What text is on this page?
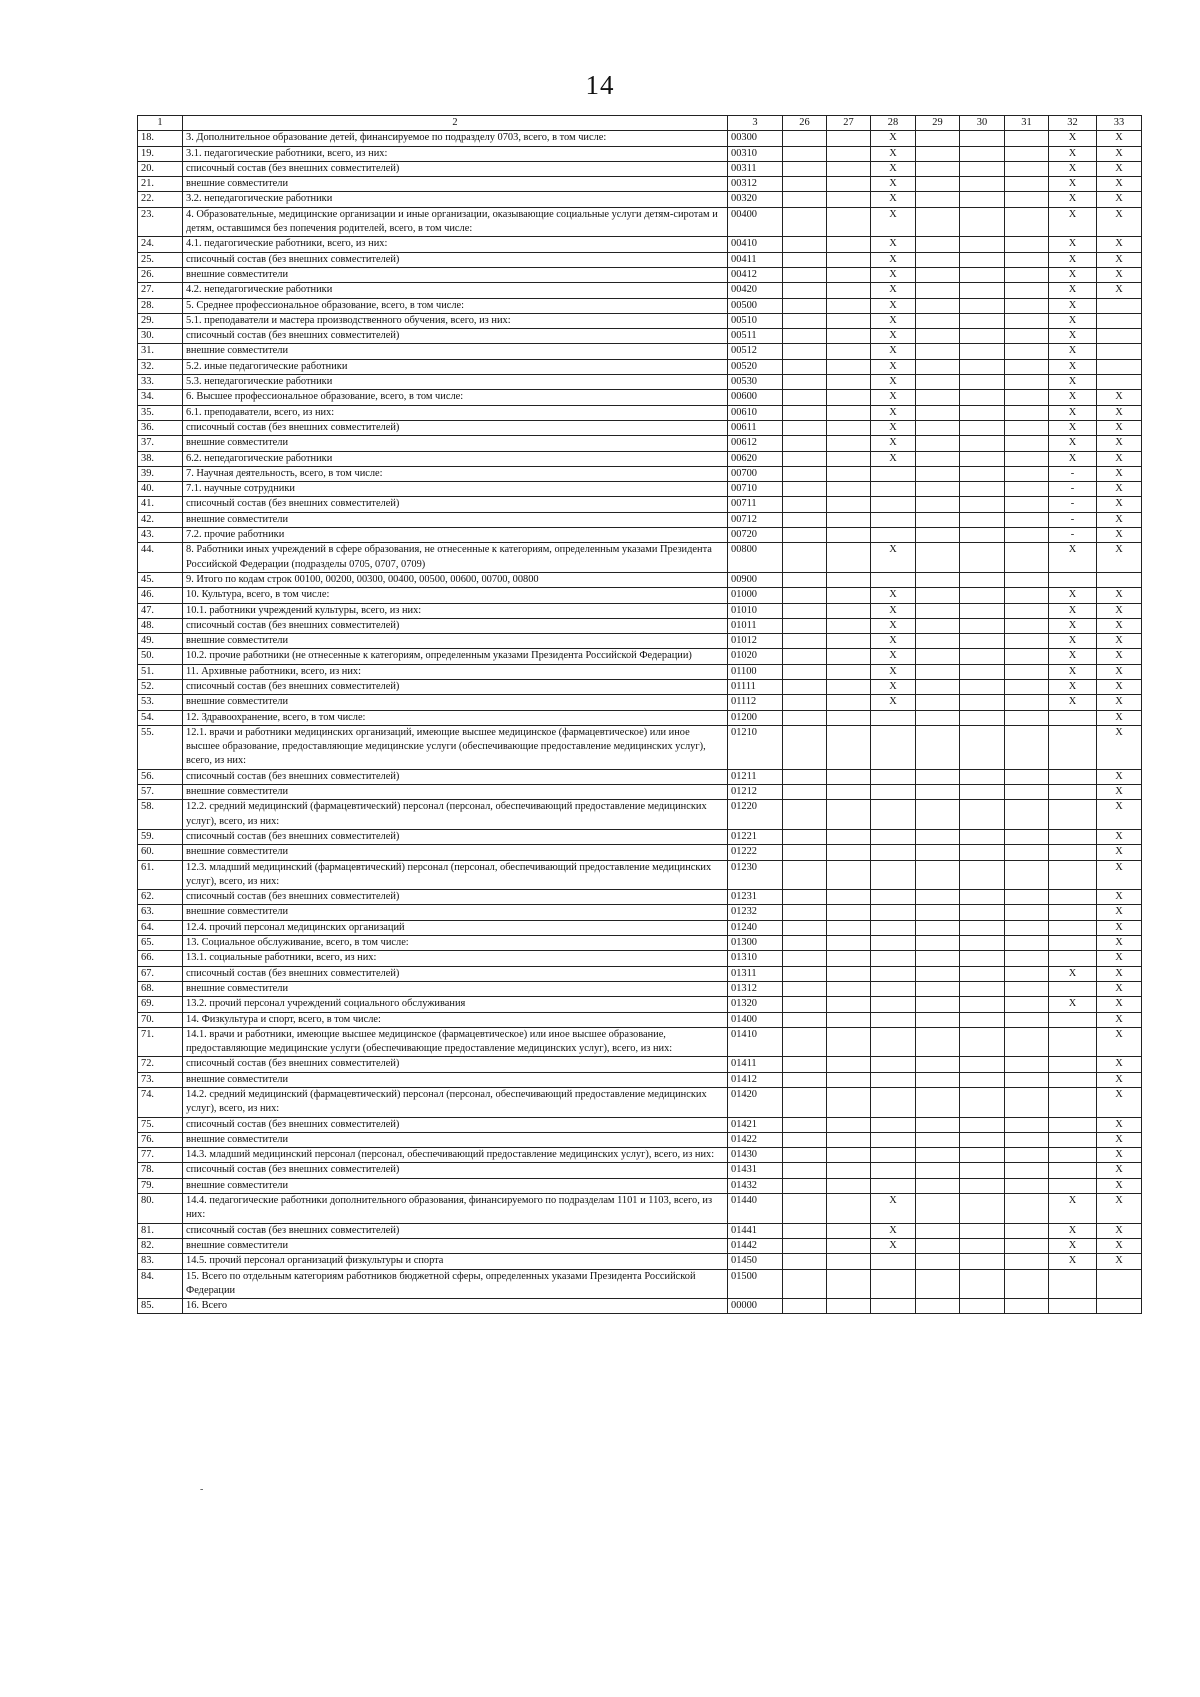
14
1	2	3	26	27	28	29	30	31	32	33
18.	3. Дополнительное образование детей, финансируемое по подразделу 0703, всего, в том числе:	00300			X				X	X
19.	3.1. педагогические работники, всего, из них:	00310			X				X	X
20.	списочный состав (без внешних совместителей)	00311			X				X	X
21.	внешние совместители	00312			X				X	X
22.	3.2. непедагогические работники	00320			X				X	X
23.	4. Образовательные, медицинские организации и иные организации, оказывающие социальные услуги детям-сиротам и детям, оставшимся без попечения родителей, всего, в том числе:	00400			X				X	X
24.	4.1. педагогические работники, всего, из них:	00410			X				X	X
25.	списочный состав (без внешних совместителей)	00411			X				X	X
26.	внешние совместители	00412			X				X	X
27.	4.2. непедагогические работники	00420			X				X	X
28.	5. Среднее профессиональное образование, всего, в том числе:	00500			X				X	
29.	5.1. преподаватели и мастера производственного обучения, всего, из них:	00510			X				X	
30.	списочный состав (без внешних совместителей)	00511			X				X	
31.	внешние совместители	00512			X				X	
32.	5.2. иные педагогические работники	00520			X				X	
33.	5.3. непедагогические работники	00530			X				X	
34.	6. Высшее профессиональное образование, всего, в том числе:	00600			X				X	X
35.	6.1. преподаватели, всего, из них:	00610			X				X	X
36.	списочный состав (без внешних совместителей)	00611			X				X	X
37.	внешние совместители	00612			X				X	X
38.	6.2. непедагогические работники	00620			X				X	X
39.	7. Научная деятельность, всего, в том числе:	00700							-	X
40.	7.1. научные сотрудники	00710							-	X
41.	списочный состав (без внешних совместителей)	00711							-	X
42.	внешние совместители	00712							-	X
43.	7.2. прочие работники	00720							-	X
44.	8. Работники иных учреждений в сфере образования, не отнесенные к категориям, определенным указами Президента Российской Федерации (подразделы 0705, 0707, 0709)	00800			X				X	X
45.	9. Итого по кодам строк 00100, 00200, 00300, 00400, 00500, 00600, 00700, 00800	00900								
46.	10. Культура, всего, в том числе:	01000			X				X	X
47.	10.1. работники учреждений культуры, всего, из них:	01010			X				X	X
48.	списочный состав (без внешних совместителей)	01011			X				X	X
49.	внешние совместители	01012			X				X	X
50.	10.2. прочие работники (не отнесенные к категориям, определенным указами Президента Российской Федерации)	01020			X				X	X
51.	11. Архивные работники, всего, из них:	01100			X				X	X
52.	списочный состав (без внешних совместителей)	01111			X				X	X
53.	внешние совместители	01112			X				X	X
54.	12. Здравоохранение, всего, в том числе:	01200								X
55.	12.1. врачи и работники медицинских организаций, имеющие высшее медицинское (фармацевтическое) или иное высшее образование, предоставляющие медицинские услуги (обеспечивающие предоставление медицинских услуг), всего, из них:	01210								X
56.	списочный состав (без внешних совместителей)	01211								X
57.	внешние совместители	01212								X
58.	12.2. средний медицинский (фармацевтический) персонал (персонал, обеспечивающий предоставление медицинских услуг), всего, из них:	01220								X
59.	списочный состав (без внешних совместителей)	01221								X
60.	внешние совместители	01222								X
61.	12.3. младший медицинский (фармацевтический) персонал (персонал, обеспечивающий предоставление медицинских услуг), всего, из них:	01230								X
62.	списочный состав (без внешних совместителей)	01231								X
63.	внешние совместители	01232								X
64.	12.4. прочий персонал медицинских организаций	01240								X
65.	13. Социальное обслуживание, всего, в том числе:	01300								X
66.	13.1. социальные работники, всего, из них:	01310								X
67.	списочный состав (без внешних совместителей)	01311							X	X
68.	внешние совместители	01312								X
69.	13.2. прочий персонал учреждений социального обслуживания	01320							X	X
70.	14. Физкультура и спорт, всего, в том числе:	01400								X
71.	14.1. врачи и работники, имеющие высшее медицинское (фармацевтическое) или иное высшее образование, предоставляющие медицинские услуги (обеспечивающие предоставление медицинских услуг), всего, из них:	01410								X
72.	списочный состав (без внешних совместителей)	01411								X
73.	внешние совместители	01412								X
74.	14.2. средний медицинский (фармацевтический) персонал (персонал, обеспечивающий предоставление медицинских услуг), всего, из них:	01420								X
75.	списочный состав (без внешних совместителей)	01421								X
76.	внешние совместители	01422								X
77.	14.3. младший медицинский персонал (персонал, обеспечивающий предоставление медицинских услуг), всего, из них:	01430								X
78.	списочный состав (без внешних совместителей)	01431								X
79.	внешние совместители	01432								X
80.	14.4. педагогические работники дополнительного образования, финансируемого по подразделам 1101 и 1103, всего, из них:	01440			X				X	X
81.	списочный состав (без внешних совместителей)	01441			X				X	X
82.	внешние совместители	01442			X				X	X
83.	14.5. прочий персонал организаций физкультуры и спорта	01450							X	X
84.	15. Всего по отдельным категориям работников бюджетной сферы, определенных указами Президента Российской Федерации	01500								
85.	16. Всего	00000								
-
